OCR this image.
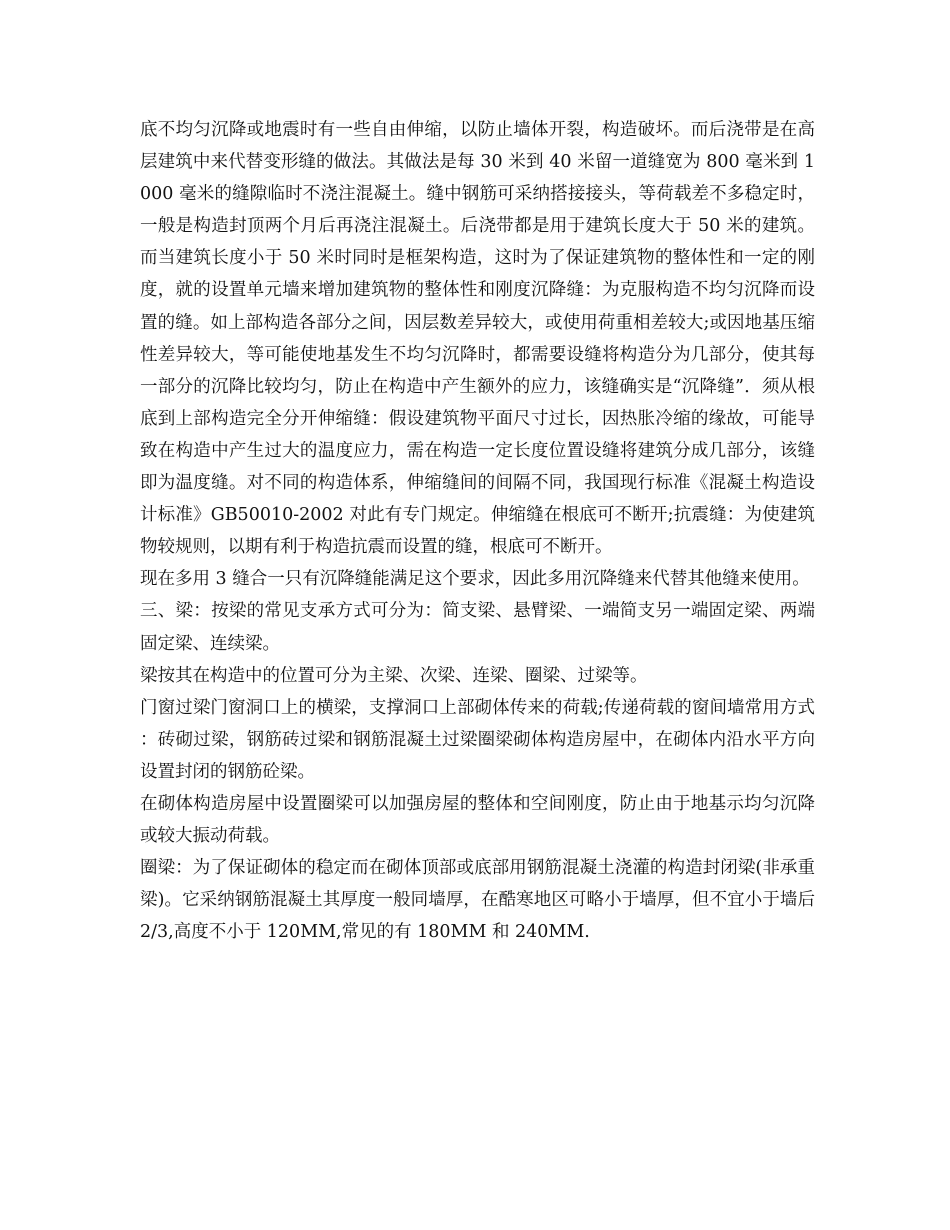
底不均匀沉降或地震时有一些自由伸缩，以防止墙体开裂，构造破坏。而后浇带是在高层建筑中来代替变形缝的做法。其做法是每 30 米到 40 米留一道缝宽为 800 毫米到 1000 毫米的缝隙临时不浇注混凝土。缝中钢筋可采纳搭接接头，等荷载差不多稳定时，一般是构造封顶两个月后再浇注混凝土。后浇带都是用于建筑长度大于 50 米的建筑。而当建筑长度小于 50 米时同时是框架构造，这时为了保证建筑物的整体性和一定的刚度，就的设置单元墙来增加建筑物的整体性和刚度沉降缝：为克服构造不均匀沉降而设置的缝。如上部构造各部分之间，因层数差异较大，或使用荷重相差较大;或因地基压缩性差异较大，等可能使地基发生不均匀沉降时，都需要设缝将构造分为几部分，使其每一部分的沉降比较均匀，防止在构造中产生额外的应力，该缝确实是“沉降缝”．须从根底到上部构造完全分开伸缩缝：假设建筑物平面尺寸过长，因热胀冷缩的缘故，可能导致在构造中产生过大的温度应力，需在构造一定长度位置设缝将建筑分成几部分，该缝即为温度缝。对不同的构造体系，伸缩缝间的间隔不同，我国现行标准《混凝土构造设计标准》GB50010-2002 对此有专门规定。伸缩缝在根底可不断开;抗震缝：为使建筑物较规则，以期有利于构造抗震而设置的缝，根底可不断开。

现在多用 3 缝合一只有沉降缝能满足这个要求，因此多用沉降缝来代替其他缝来使用。

三、梁：按梁的常见支承方式可分为：简支梁、悬臂梁、一端简支另一端固定梁、两端固定梁、连续梁。

梁按其在构造中的位置可分为主梁、次梁、连梁、圈梁、过梁等。

门窗过梁门窗洞口上的横梁，支撑洞口上部砌体传来的荷载;传递荷载的窗间墙常用方式：砖砌过梁，钢筋砖过梁和钢筋混凝土过梁圈梁砌体构造房屋中，在砌体内沿水平方向设置封闭的钢筋砼梁。

在砌体构造房屋中设置圈梁可以加强房屋的整体和空间刚度，防止由于地基示均匀沉降或较大振动荷载。

圈梁：为了保证砌体的稳定而在砌体顶部或底部用钢筋混凝土浇灌的构造封闭梁(非承重梁)。它采纳钢筋混凝土其厚度一般同墙厚，在酷寒地区可略小于墙厚，但不宜小于墙后 2/3,高度不小于 120MM,常见的有 180MM 和 240MM.
